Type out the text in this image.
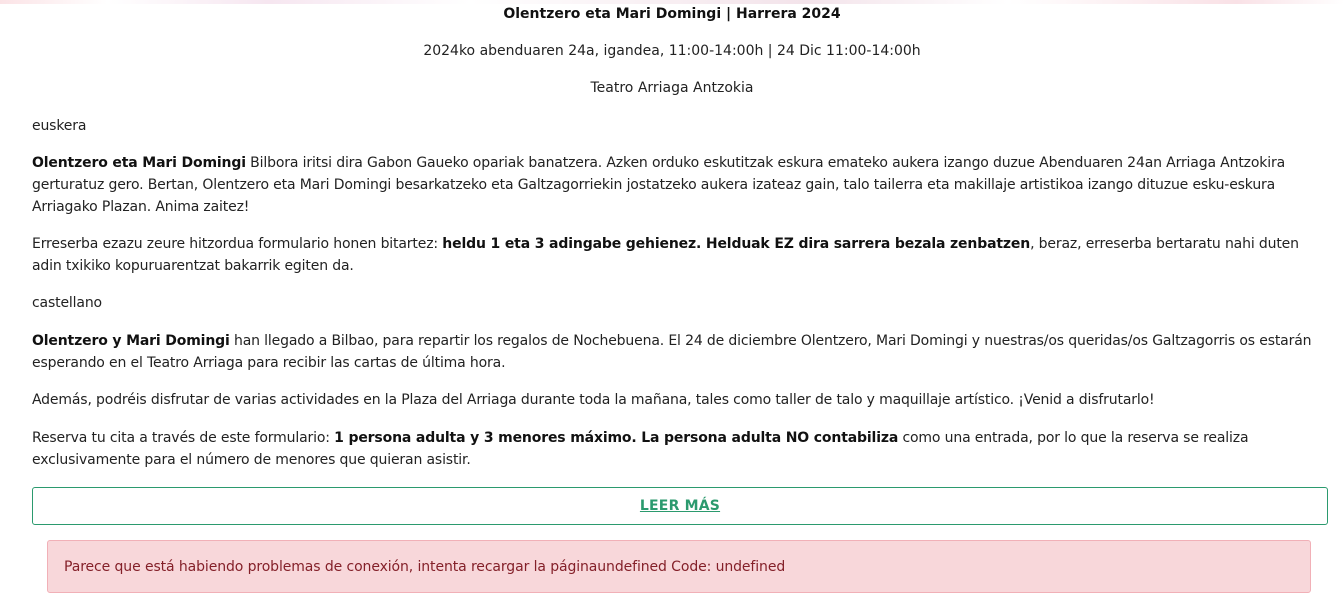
Olentzero eta Mari Domingi | Harrera 2024
2024ko abenduaren 24a, igandea, 11:00-14:00h | 24 Dic 11:00-14:00h
Teatro Arriaga Antzokia
euskera
Olentzero eta Mari Domingi Bilbora iritsi dira Gabon Gaueko opariak banatzera. Azken orduko eskutitzak eskura emateko aukera izango duzue Abenduaren 24an Arriaga Antzokira gerturatuz gero. Bertan, Olentzero eta Mari Domingi besarkatzeko eta Galtzagorriekin jostatzeko aukera izateaz gain, talo tailerra eta makillaje artistikoa izango dituzue esku-eskura Arriagako Plazan. Anima zaitez!
Erreserba ezazu zeure hitzordua formulario honen bitartez: heldu 1 eta 3 adingabe gehienez. Helduak EZ dira sarrera bezala zenbatzen, beraz, erreserba bertaratu nahi duten adin txikiko kopuruarentzat bakarrik egiten da.
castellano
Olentzero y Mari Domingi han llegado a Bilbao, para repartir los regalos de Nochebuena. El 24 de diciembre Olentzero, Mari Domingi y nuestras/os queridas/os Galtzagorris os estarán esperando en el Teatro Arriaga para recibir las cartas de última hora.
Además, podréis disfrutar de varias actividades en la Plaza del Arriaga durante toda la mañana, tales como taller de talo y maquillaje artístico. ¡Venid a disfrutarlo!
Reserva tu cita a través de este formulario: 1 persona adulta y 3 menores máximo. La persona adulta NO contabiliza como una entrada, por lo que la reserva se realiza exclusivamente para el número de menores que quieran asistir.
LEER MÁS
Parece que está habiendo problemas de conexión, intenta recargar la páginaundefined Code: undefined
